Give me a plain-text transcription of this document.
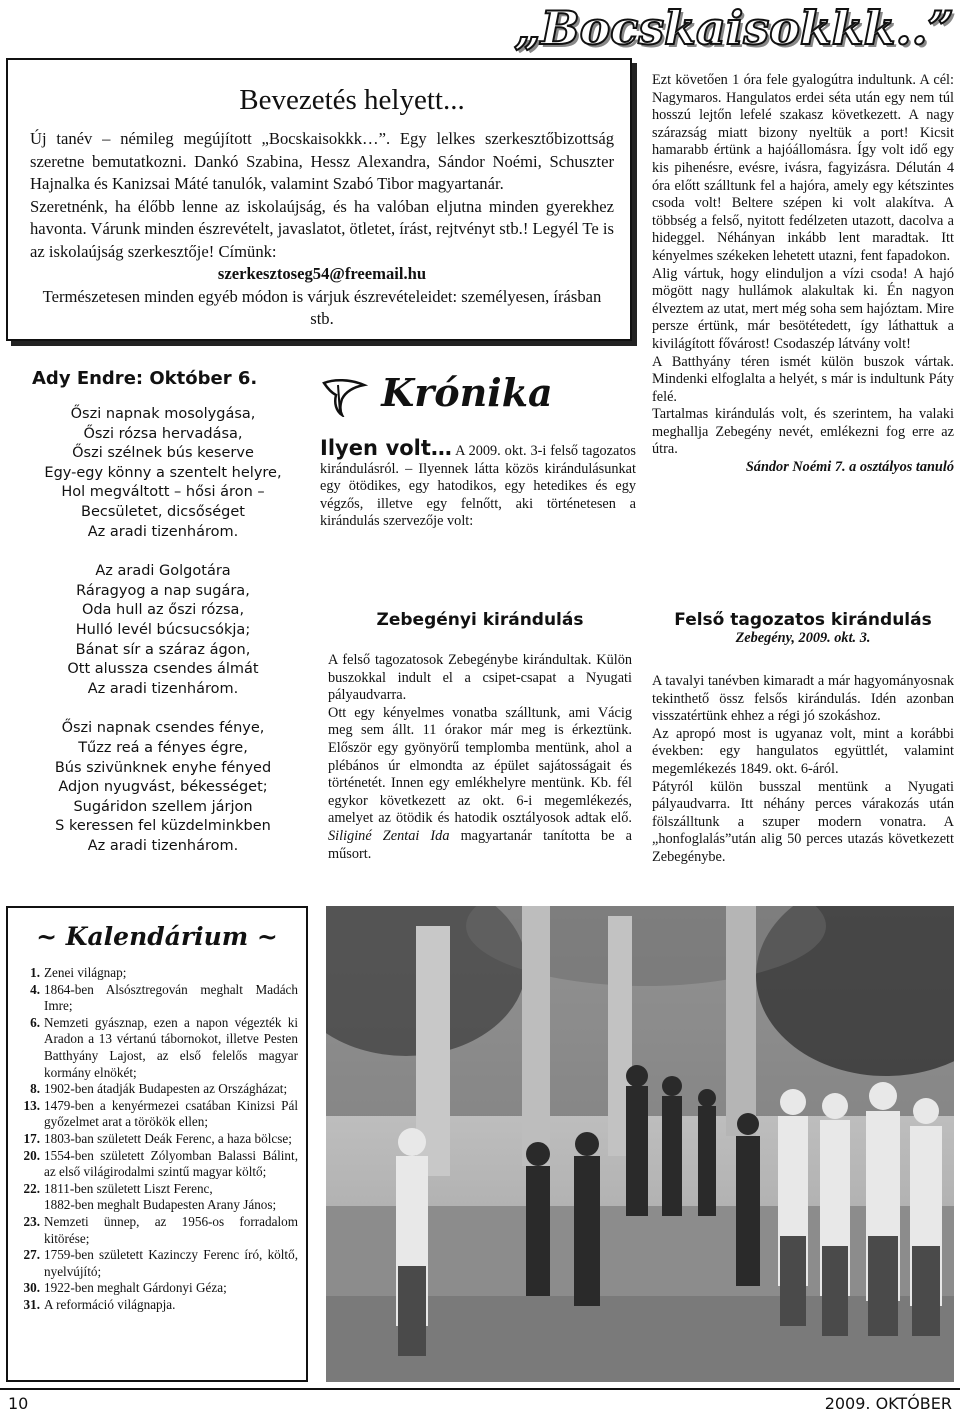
„Bocskaisokkk..”
Bevezetés helyett...

Új tanév – némileg megújított „Bocskaisokkk…”. Egy lelkes szerkesztőbizottság szeretne bemutatkozni. Dankó Szabina, Hessz Alexandra, Sándor Noémi, Schuszter Hajnalka és Kanizsai Máté tanulók, valamint Szabó Tibor magyartanár.

Szeretnénk, ha élőbb lenne az iskolaújság, és ha valóban eljutna minden gyerekhez havonta. Várunk minden észrevételt, javaslatot, ötletet, írást, rejtvényt stb.! Legyél Te is az iskolaújság szerkesztője! Címünk:

szerkesztoseg54@freemail.hu

Természetesen minden egyéb módon is várjuk észrevételeidet: személyesen, írásban stb.

Ady Endre: Október 6.
Őszi napnak mosolygása,
Őszi rózsa hervadása,
Őszi szélnek bús keserve
Egy-egy könny a szentelt helyre,
Hol megváltott – hősi áron –
Becsületet, dicsőséget
Az aradi tizenhárom.
Az aradi Golgotára
Ráragyog a nap sugára,
Oda hull az őszi rózsa,
Hulló levél búcsucsókja;
Bánat sír a száraz ágon,
Ott alussza csendes álmát
Az aradi tizenhárom.
Őszi napnak csendes fénye,
Tűzz reá a fényes égre,
Bús szivünknek enyhe fényed
Adjon nyugvást, békességet;
Sugáridon szellem járjon
S keressen fel küzdelminkben
Az aradi tizenhárom.
Krónika

Ilyen volt… A 2009. okt. 3-i felső tagozatos kirándulásról. – Ilyennek látta közös kirándulásunkat egy ötödikes, egy hatodikos, egy hetedikes és egy végzős, illetve egy felnőtt, aki történetesen a kirándulás szervezője volt:

Zebegényi kirándulás

A felső tagozatosok Zebegénybe kirándultak. Külön buszokkal indult el a csipet-csapat a Nyugati pályaudvarra.

Ott egy kényelmes vonatba szálltunk, ami Vácig meg sem állt. 11 órakor már meg is érkeztünk. Először egy gyönyörű templomba mentünk, ahol a plébános úr elmondta az épület sajátosságait és történetét. Innen egy emlékhelyre mentünk. Kb. fél egykor következett az okt. 6-i megemlékezés, amelyet az ötödik és hatodik osztályosok adtak elő. Siliginé Zentai Ida magyartanár tanította be a műsort.

Ezt követően 1 óra fele gyalogútra indultunk. A cél: Nagymaros. Hangulatos erdei séta után egy nem túl hosszú lejtőn lefelé szakasz következett. A nagy szárazság miatt bizony nyeltük a port! Kicsit hamarabb értünk a hajóállomásra. Így volt idő egy kis pihenésre, evésre, ivásra, fagyizásra. Délután 4 óra előtt szálltunk fel a hajóra, amely egy kétszintes csoda volt! Beltere szépen ki volt alakítva. A többség a felső, nyitott fedélzeten utazott, dacolva a hideggel. Néhányan inkább lent maradtak. Itt kényelmes székeken lehetett utazni, fent fapadokon.

Alig vártuk, hogy elinduljon a vízi csoda! A hajó mögött nagy hullámok alakultak ki. Én nagyon élveztem az utat, mert még soha sem hajóztam. Mire persze értünk, már besötétedett, így láthattuk a kivilágított fővárost! Csodaszép látvány volt!

A Batthyány téren ismét külön buszok vártak. Mindenki elfoglalta a helyét, s már is indultunk Páty felé.

Tartalmas kirándulás volt, és szerintem, ha valaki meghallja Zebegény nevét, emlékezni fog erre az útra.

Sándor Noémi 7. a osztályos tanuló

Felső tagozatos kirándulás
Zebegény, 2009. okt. 3.

A tavalyi tanévben kimaradt a már hagyományosnak tekinthető össz felsős kirándulás. Idén azonban visszatértünk ehhez a régi jó szokáshoz.

Az apropó most is ugyanaz volt, mint a korábbi években: egy hangulatos együttlét, valamint megemlékezés 1849. okt. 6-áról.

Pátyról külön busszal mentünk a Nyugati pályaudvarra. Itt néhány perces várakozás után fölszálltunk a szuper modern vonatra. A „honfoglalás”után alig 50 perces utazás következett Zebegénybe.

~ Kalendárium ~
1. Zenei világnap;
4. 1864-ben Alsósztregován meghalt Madách Imre;
6. Nemzeti gyásznap, ezen a napon végezték ki Aradon a 13 vértanú tábornokot, illetve Pesten Batthyány Lajost, az első felelős magyar kormány elnökét;
8. 1902-ben átadják Budapesten az Országházat;
13. 1479-ben a kenyérmezei csatában Kinizsi Pál győzelmet arat a törökök ellen;
17. 1803-ban született Deák Ferenc, a haza bölcse;
20. 1554-ben született Zólyomban Balassi Bálint, az első világirodalmi szintű magyar költő;
22. 1811-ben született Liszt Ferenc,
1882-ben meghalt Budapesten Arany János;
23. Nemzeti ünnep, az 1956-os forradalom kitörése;
27. 1759-ben született Kazinczy Ferenc író, költő, nyelvújító;
30. 1922-ben meghalt Gárdonyi Géza;
31. A reformáció világnapja.
10	2009. OKTÓBER
